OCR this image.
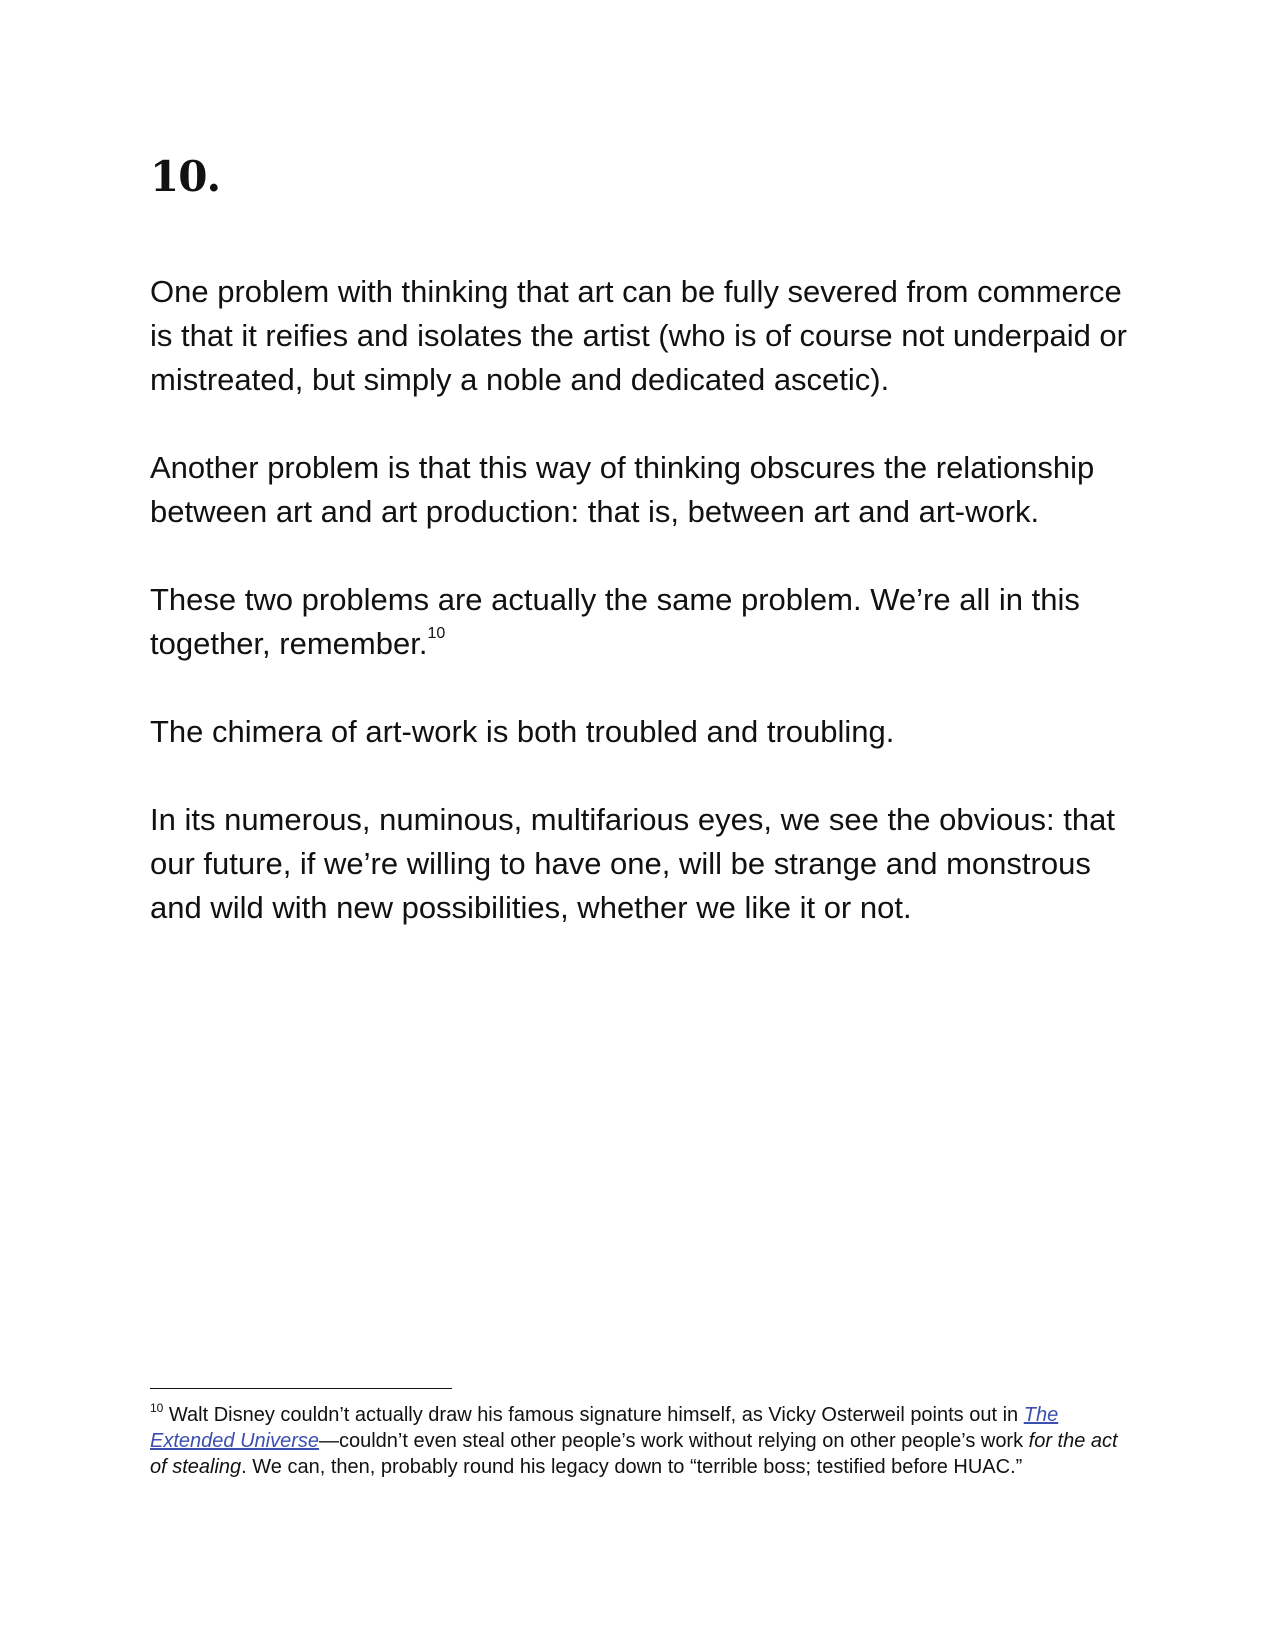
10.

One problem with thinking that art can be fully severed from commerce is that it reifies and isolates the artist (who is of course not underpaid or mistreated, but simply a noble and dedicated ascetic).

Another problem is that this way of thinking obscures the relationship between art and art production: that is, between art and art-work.

These two problems are actually the same problem. We’re all in this together, remember.$^{10}$

The chimera of art-work is both troubled and troubling.

In its numerous, numinous, multifarious eyes, we see the obvious: that our future, if we’re willing to have one, will be strange and monstrous and wild with new possibilities, whether we like it or not.

$^{10}$ Walt Disney couldn’t actually draw his famous signature himself, as Vicky Osterweil points out in The Extended Universe—couldn’t even steal other people’s work without relying on other people’s work for the act of stealing. We can, then, probably round his legacy down to “terrible boss; testified before HUAC.”
